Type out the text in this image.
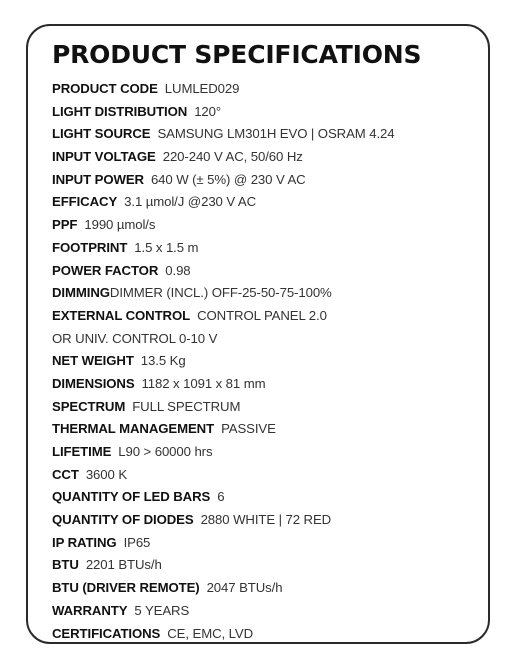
PRODUCT SPECIFICATIONS
PRODUCT CODE LUMLED029
LIGHT DISTRIBUTION 120°
LIGHT SOURCE SAMSUNG LM301H EVO | OSRAM 4.24
INPUT VOLTAGE 220-240 V AC, 50/60 Hz
INPUT POWER 640 W (± 5%) @ 230 V AC
EFFICACY 3.1 µmol/J @230 V AC
PPF 1990 µmol/s
FOOTPRINT 1.5 x 1.5 m
POWER FACTOR 0.98
DIMMINGDIMMER (INCL.) OFF-25-50-75-100%
EXTERNAL CONTROL CONTROL PANEL 2.0
OR UNIV. CONTROL 0-10 V
NET WEIGHT 13.5 Kg
DIMENSIONS 1182 x 1091 x 81 mm
SPECTRUM FULL SPECTRUM
THERMAL MANAGEMENT PASSIVE
LIFETIME L90 > 60000 hrs
CCT 3600 K
QUANTITY OF LED BARS 6
QUANTITY OF DIODES 2880 WHITE | 72 RED
IP RATING IP65
BTU 2201 BTUs/h
BTU (DRIVER REMOTE) 2047 BTUs/h
WARRANTY 5 YEARS
CERTIFICATIONS CE, EMC, LVD
